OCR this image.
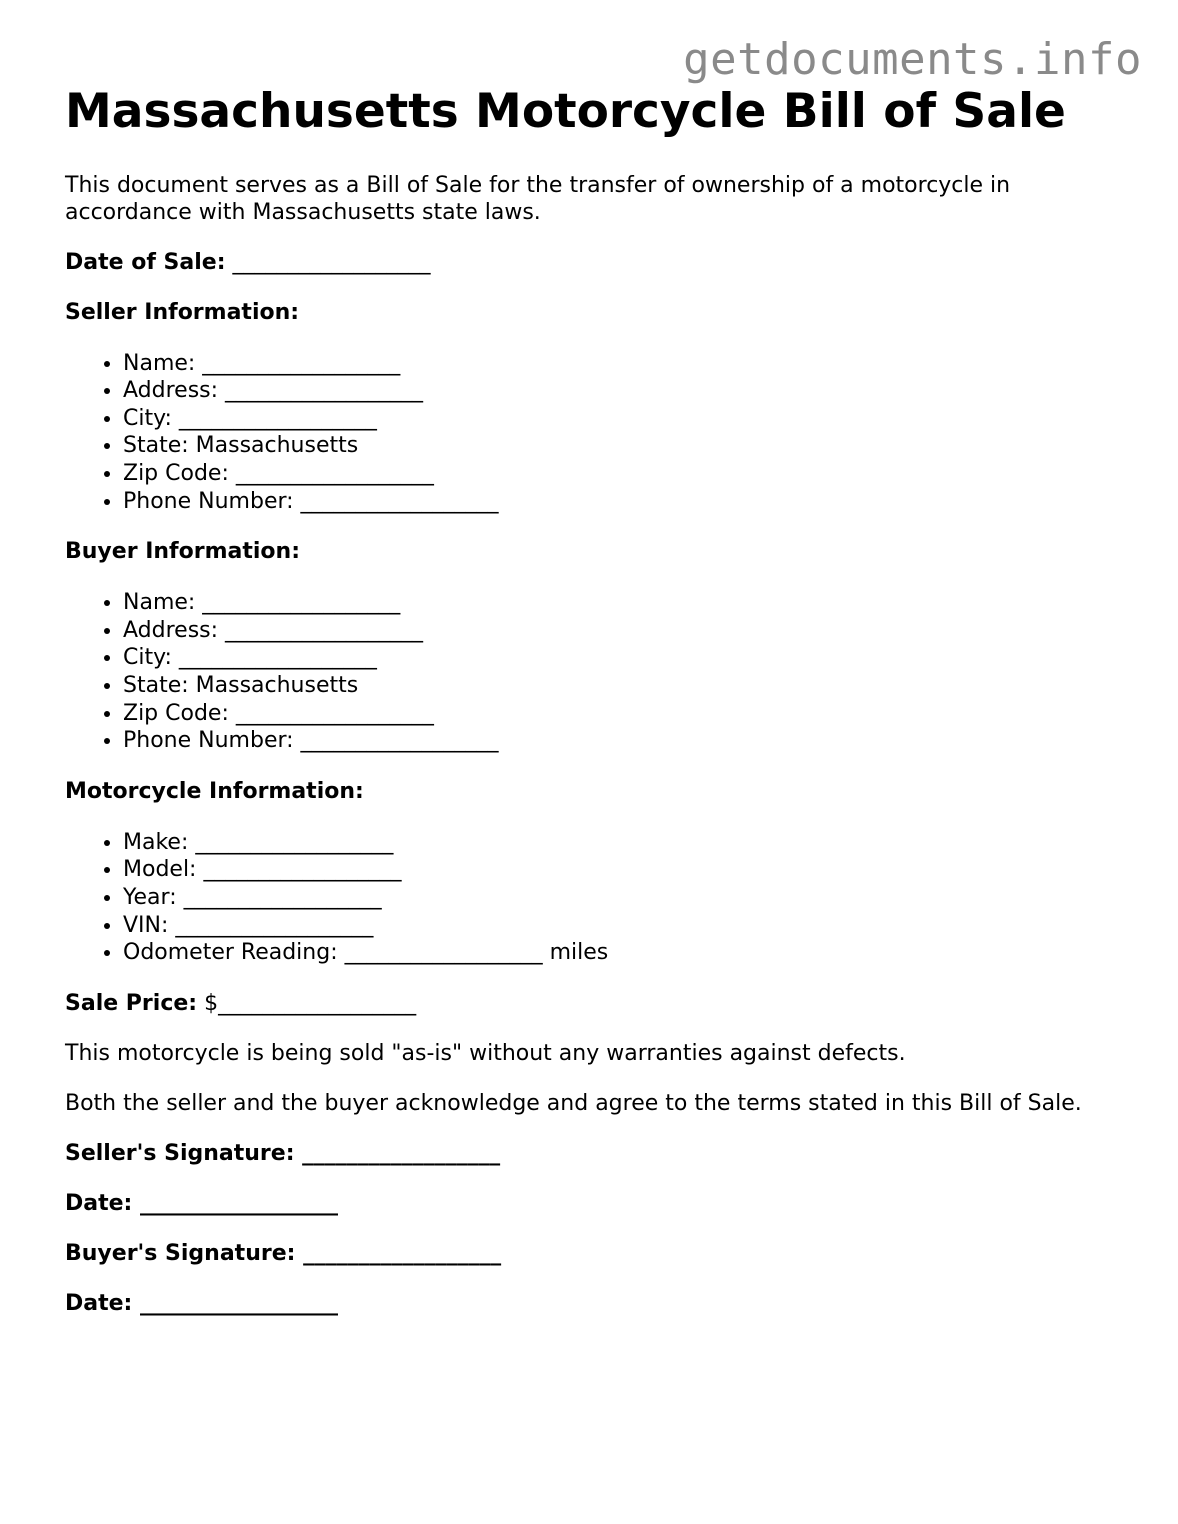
getdocuments.info
Massachusetts Motorcycle Bill of Sale

This document serves as a Bill of Sale for the transfer of ownership of a motorcycle in accordance with Massachusetts state laws.

Date of Sale: __________________

Seller Information:
• Name: __________________
• Address: __________________
• City: __________________
• State: Massachusetts
• Zip Code: __________________
• Phone Number: __________________
Buyer Information:
• Name: __________________
• Address: __________________
• City: __________________
• State: Massachusetts
• Zip Code: __________________
• Phone Number: __________________
Motorcycle Information:
• Make: __________________
• Model: __________________
• Year: __________________
• VIN: __________________
• Odometer Reading: __________________ miles

Sale Price: $__________________

This motorcycle is being sold "as-is" without any warranties against defects.

Both the seller and the buyer acknowledge and agree to the terms stated in this Bill of Sale.

Seller's Signature: __________________

Date: __________________

Buyer's Signature: __________________

Date: __________________
